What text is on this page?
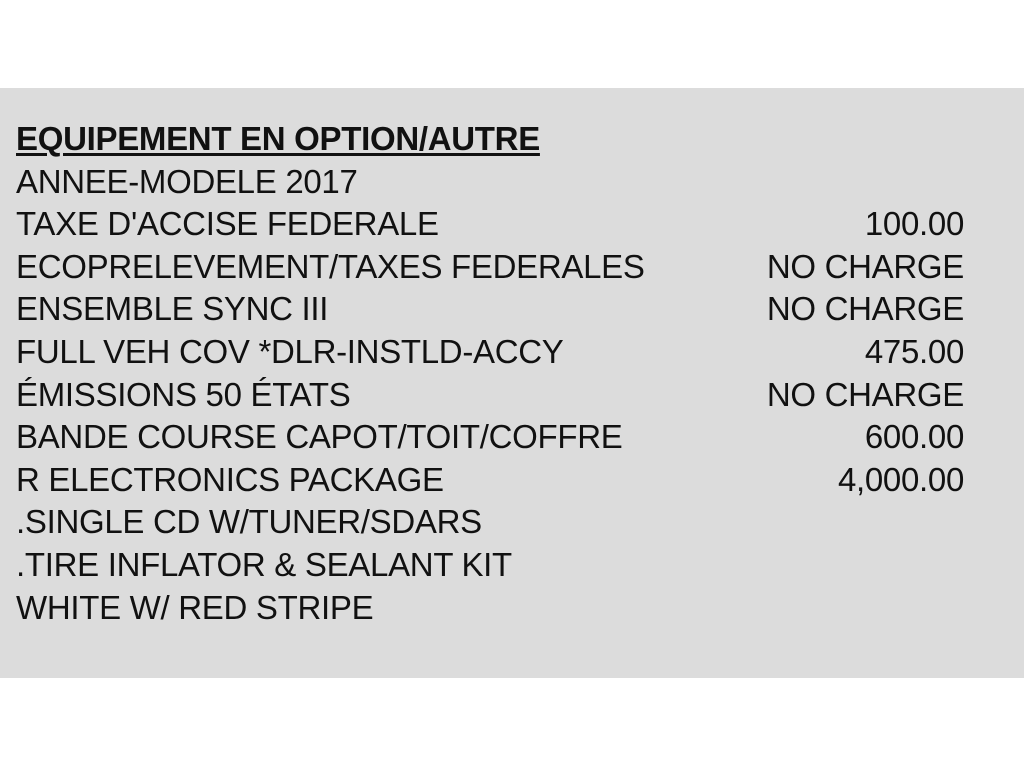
EQUIPEMENT EN OPTION/AUTRE
ANNEE-MODELE 2017
TAXE D'ACCISE FEDERALE	100.00
ECOPRELEVEMENT/TAXES FEDERALES	NO CHARGE
ENSEMBLE SYNC III	NO CHARGE
FULL VEH COV *DLR-INSTLD-ACCY	475.00
ÉMISSIONS 50 ÉTATS	NO CHARGE
BANDE COURSE CAPOT/TOIT/COFFRE	600.00
R ELECTRONICS PACKAGE	4,000.00
.SINGLE CD W/TUNER/SDARS
.TIRE INFLATOR & SEALANT KIT
WHITE W/ RED STRIPE
